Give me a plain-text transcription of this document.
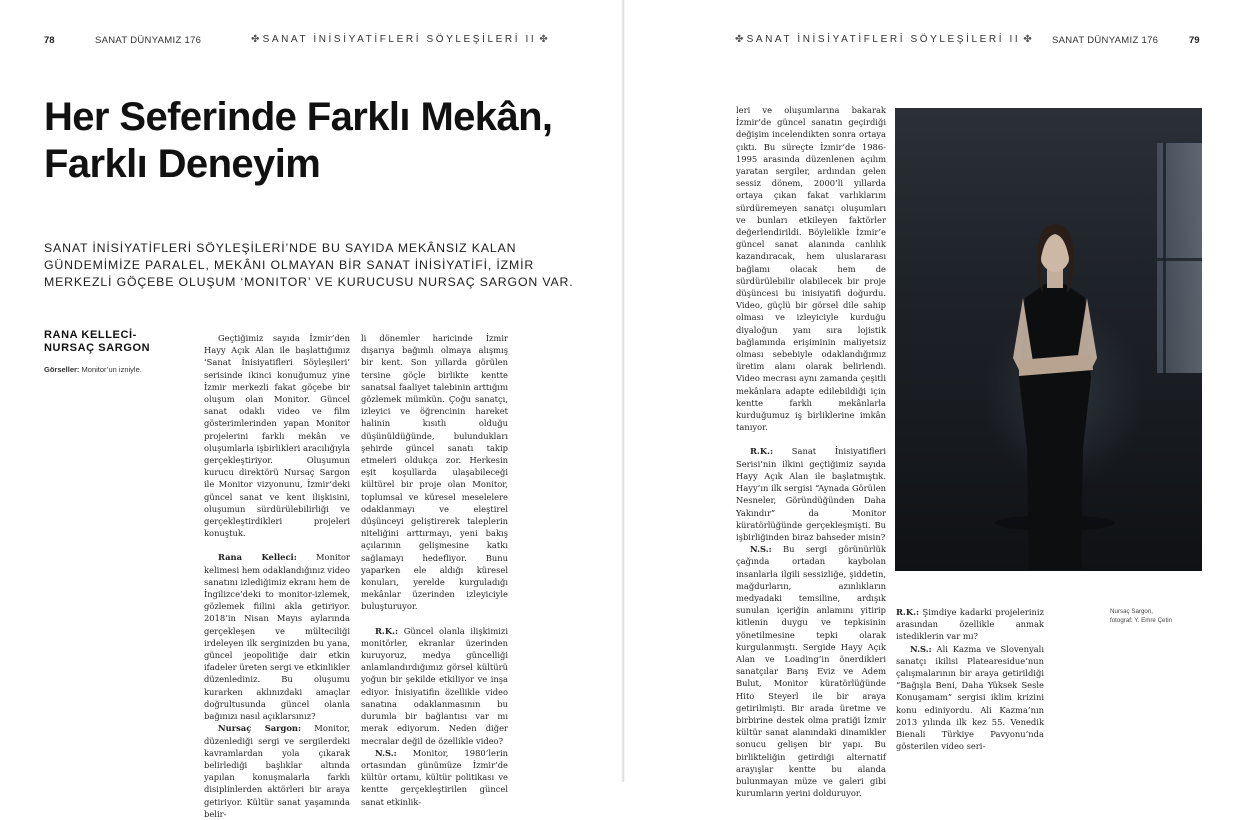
78	SANAT DÜNYAMIZ 176	✤ SANAT İNİSİYATİFLERİ SÖYLEŞİLERİ II ✤
Her Seferinde Farklı Mekân,
Farklı Deneyim

SANAT İNİSİYATİFLERİ SÖYLEŞİLERİ’NDE BU SAYIDA MEKÂNSIZ KALAN GÜNDEMİMİZE PARALEL, MEKÂNI OLMAYAN BİR SANAT İNİSİYATİFİ, İZMİR MERKEZLİ GÖÇEBE OLUŞUM ‘MONITOR’ VE KURUCUSU NURSAÇ SARGON VAR.

RANA KELLECİ-
NURSAÇ SARGON
Görseller: Monitor’un izniyle.
✤ SANAT İNİSİYATİFLERİ SÖYLEŞİLERİ II ✤ SANAT DÜNYAMIZ 176	79

Geçtiğimiz sayıda İzmir’den Hayy Açık Alan ile başlattığımız ‘Sanat İnisiyatifleri Söyleşileri’ serisinde ikinci konuğumuz yine İzmir merkezli fakat göçebe bir oluşum olan Monitor. Güncel sanat odaklı video ve film gösterimlerinden yapan Monitor projelerini farklı mekân ve oluşumlarla işbirlikleri aracılığıyla gerçekleştiriyor. Oluşumun kurucu direktörü Nursaç Sargon ile Monitor vizyonunu, İzmir’deki güncel sanat ve kent ilişkisini, oluşumun sürdürülebilirliği ve gerçekleştirdikleri projeleri konuştuk.

Rana Kelleci: Monitor kelimesi hem odaklandığınız video sanatını izlediğimiz ekranı hem de İngilizce’deki to monitor-izlemek, gözlemek fiilini akla getiriyor. 2018’in Nisan Mayıs aylarında gerçekleşen ve mülteciliği irdeleyen ilk serginizden bu yana, güncel jeopolitiğe dair etkin ifadeler üreten sergi ve etkinlikler düzenlediniz. Bu oluşumu kurarken aklınızdaki amaçlar doğrultusunda güncel olanla bağınızı nasıl açıklarsınız?

Nursaç Sargon: Monitor, düzenlediği sergi ve sergilerdeki kavramlardan yola çıkarak belirlediği başlıklar altında yapılan konuşmalarla farklı disiplinlerden aktörleri bir araya getiriyor. Kültür sanat yaşamında belir-

li dönemler haricinde İzmir dışarıya bağımlı olmaya alışmış bir kent. Son yıllarda görülen tersine göçle birlikte kentte sanatsal faaliyet talebinin arttığını gözlemek mümkün. Çoğu sanatçı, izleyici ve öğrencinin hareket halinin kısıtlı olduğu düşünüldüğünde, bulundukları şehirde güncel sanatı takip etmeleri oldukça zor. Herkesin eşit koşullarda ulaşabileceği kültürel bir proje olan Monitor, toplumsal ve küresel meselelere odaklanmayı ve eleştirel düşünceyi geliştirerek taleplerin niteliğini arttırmayı, yeni bakış açılarının gelişmesine katkı sağlamayı hedefliyor. Bunu yaparken ele aldığı küresel konuları, yerelde kurguladığı mekânlar üzerinden izleyiciyle buluşturuyor.

R.K.: Güncel olanla ilişkimizi monitörler, ekranlar üzerinden kuruyoruz, medya güncelliği anlamlandırdığımız görsel kültürü yoğun bir şekilde etkiliyor ve inşa ediyor. İnisiyatifin özellikle video sanatına odaklanmasının bu durumla bir bağlantısı var mı merak ediyorum. Neden diğer mecralar değil de özellikle video?

N.S.: Monitor, 1980’lerin ortasından günümüze İzmir’de kültür ortamı, kültür politikası ve kentte gerçekleştirilen güncel sanat etkinlik-

leri ve oluşumlarına bakarak İzmir’de güncel sanatın geçirdiği değişim incelendikten sonra ortaya çıktı. Bu süreçte İzmir’de 1986-1995 arasında düzenlenen açılım yaratan sergiler, ardından gelen sessiz dönem, 2000’li yıllarda ortaya çıkan fakat varlıklarını sürdüremeyen sanatçı oluşumları ve bunları etkileyen faktörler değerlendirildi. Böylelikle İzmir’e güncel sanat alanında canlılık kazandıracak, hem uluslararası bağlamı olacak hem de sürdürülebilir olabilecek bir proje düşüncesi bu inisiyatifi doğurdu. Video, güçlü bir görsel dile sahip olması ve izleyiciyle kurduğu diyaloğun yanı sıra lojistik bağlamında erişiminin maliyetsiz olması sebebiyle odaklandığımız üretim alanı olarak belirlendi. Video mecrası aynı zamanda çeşitli mekânlara adapte edilebildiği için kentte farklı mekânlarla kurduğumuz iş birliklerine imkân tanıyor.

R.K.: Sanat İnisiyatifleri Serisi’nin ilkini geçtiğimiz sayıda Hayy Açık Alan ile başlatmıştık. Hayy’ın ilk sergisi “Aynada Görülen Nesneler, Göründüğünden Daha Yakındır” da Monitor küratörlüğünde gerçekleşmişti. Bu işbirliğinden biraz bahseder misin?

N.S.: Bu sergi görünürlük çağında ortadan kaybolan insanlarla ilgili sessizliğe, şiddetin, mağdurların, azınlıkların medyadaki temsiline, ardışık sunulan içeriğin anlamını yitirip kitlenin duygu ve tepkisinin yönetilmesine tepki olarak kurgulanmıştı. Sergide Hayy Açık Alan ve Loading’in önerdikleri sanatçılar Barış Eviz ve Adem Bulut, Monitor küratörlüğünde Hito Steyerl ile bir araya getirilmişti. Bir arada üretme ve birbirine destek olma pratiği İzmir kültür sanat alanındaki dinamikler sonucu gelişen bir yapı. Bu birlikteliğin getirdiği alternatif arayışlar kentte bu alanda bulunmayan müze ve galeri gibi kurumların yerini dolduruyor.

Nursaç Sargon,
fotograf: Y. Emre Çetin

R.K.: Şimdiye kadarki projeleriniz arasından özellikle anmak istediklerin var mı?

N.S.: Ali Kazma ve Slovenyalı sanatçı ikilisi Platearesidue’nun çalışmalarının bir araya getirildiği “Bağışla Beni, Daha Yüksek Sesle Konuşamam” sergisi iklim krizini konu ediniyordu. Ali Kazma’nın 2013 yılında ilk kez 55. Venedik Bienali Türkiye Pavyonu’nda gösterilen video seri-
